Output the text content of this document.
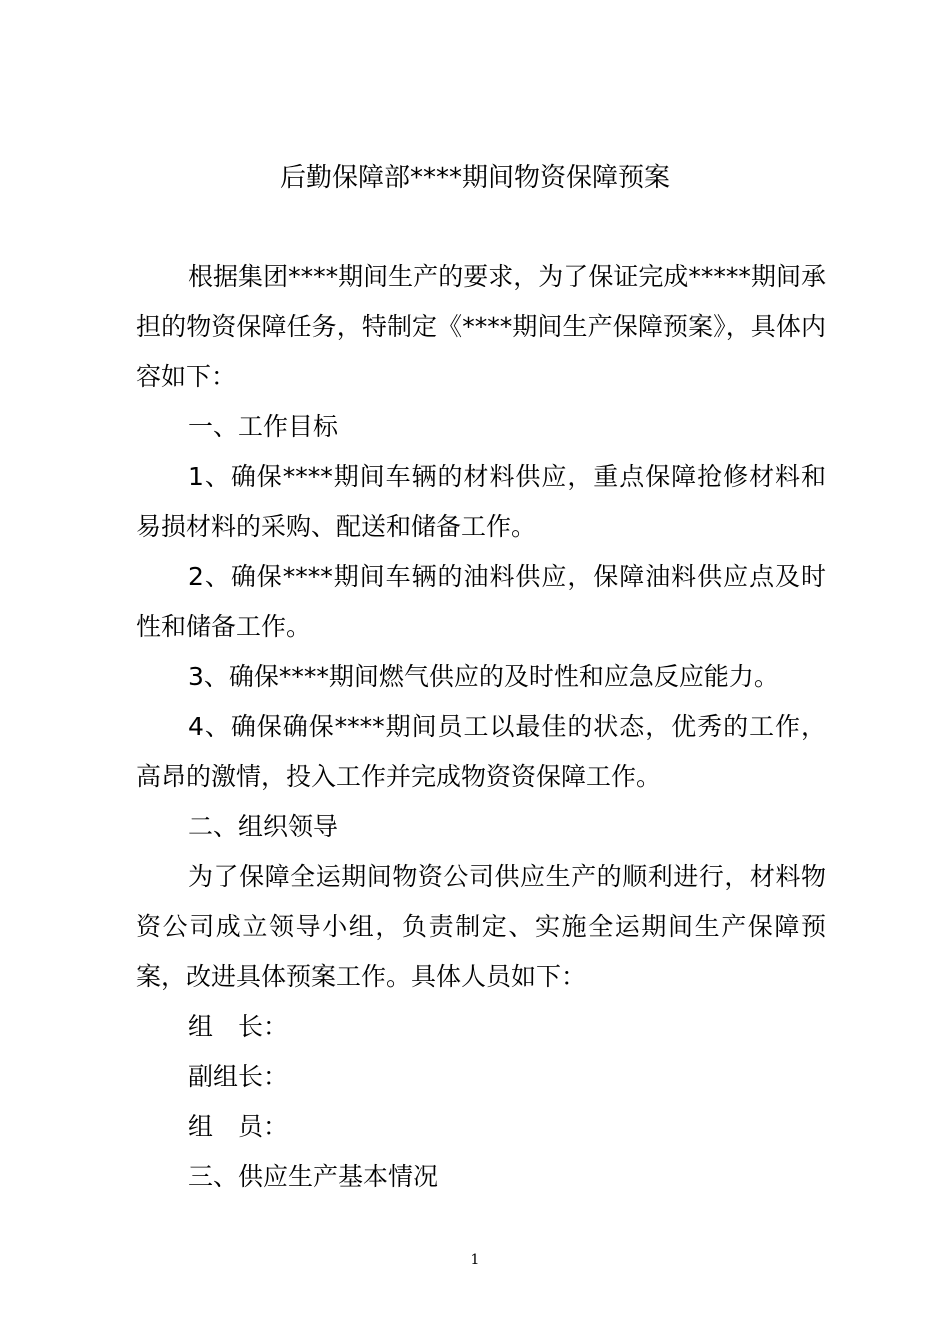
后勤保障部****期间物资保障预案

根据集团****期间生产的要求，为了保证完成*****期间承担的物资保障任务，特制定《****期间生产保障预案》，具体内容如下：

一、工作目标

1、确保****期间车辆的材料供应，重点保障抢修材料和易损材料的采购、配送和储备工作。

2、确保****期间车辆的油料供应，保障油料供应点及时性和储备工作。

3、确保****期间燃气供应的及时性和应急反应能力。

4、确保确保****期间员工以最佳的状态，优秀的工作，高昂的激情，投入工作并完成物资资保障工作。

二、组织领导

为了保障全运期间物资公司供应生产的顺利进行，材料物资公司成立领导小组，负责制定、实施全运期间生产保障预案，改进具体预案工作。具体人员如下：

组　长：

副组长：

组　员：

三、供应生产基本情况

1
